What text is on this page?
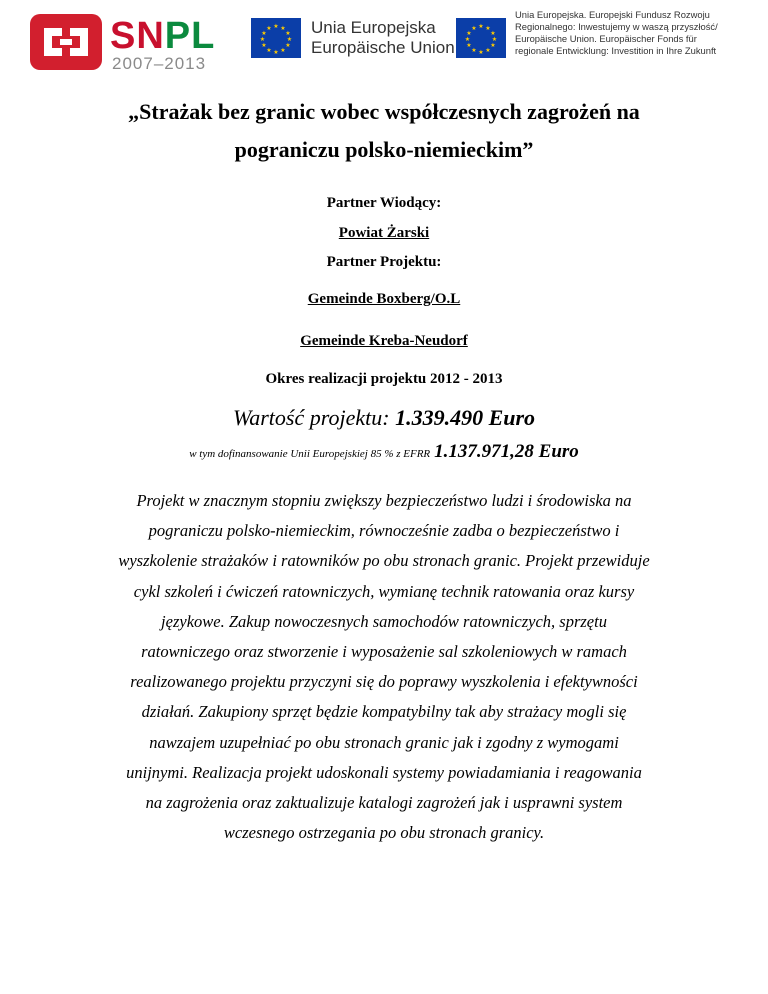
SNPL
2007–2013
★ ★
★
★
★
★
★
★
★
★
★
★ Unia Europejska
Europäische Union
★ ★
★
★
★
★
★
★
★
★
★
★
Unia Europejska. Europejski Fundusz Rozwoju
Regionalnego: Inwestujemy w waszą przyszłość/
Europäische Union. Europäischer Fonds für
regionale Entwicklung: Investition in Ihre Zukunft
„Strażak bez granic wobec współczesnych zagrożeń na
pograniczu polsko-niemieckim”

Partner Wiodący:

Powiat Żarski

Partner Projektu:

Gemeinde Boxberg/O.L

Gemeinde Kreba-Neudorf

Okres realizacji projektu 2012 - 2013

Wartość projektu: 1.339.490 Euro

w tym dofinansowanie Unii Europejskiej 85 % z EFRR 1.137.971,28 Euro

Projekt w znacznym stopniu zwiększy bezpieczeństwo ludzi i środowiska na
pograniczu polsko-niemieckim, równocześnie zadba o bezpieczeństwo i
wyszkolenie strażaków i ratowników po obu stronach granic. Projekt przewiduje
cykl szkoleń i ćwiczeń ratowniczych, wymianę technik ratowania oraz kursy
językowe. Zakup nowoczesnych samochodów ratowniczych, sprzętu
ratowniczego oraz stworzenie i wyposażenie sal szkoleniowych w ramach
realizowanego projektu przyczyni się do poprawy wyszkolenia i efektywności
działań. Zakupiony sprzęt będzie kompatybilny tak aby strażacy mogli się
nawzajem uzupełniać po obu stronach granic jak i zgodny z wymogami
unijnymi. Realizacja projekt udoskonali systemy powiadamiania i reagowania
na zagrożenia oraz zaktualizuje katalogi zagrożeń jak i usprawni system
wczesnego ostrzegania po obu stronach granicy.
